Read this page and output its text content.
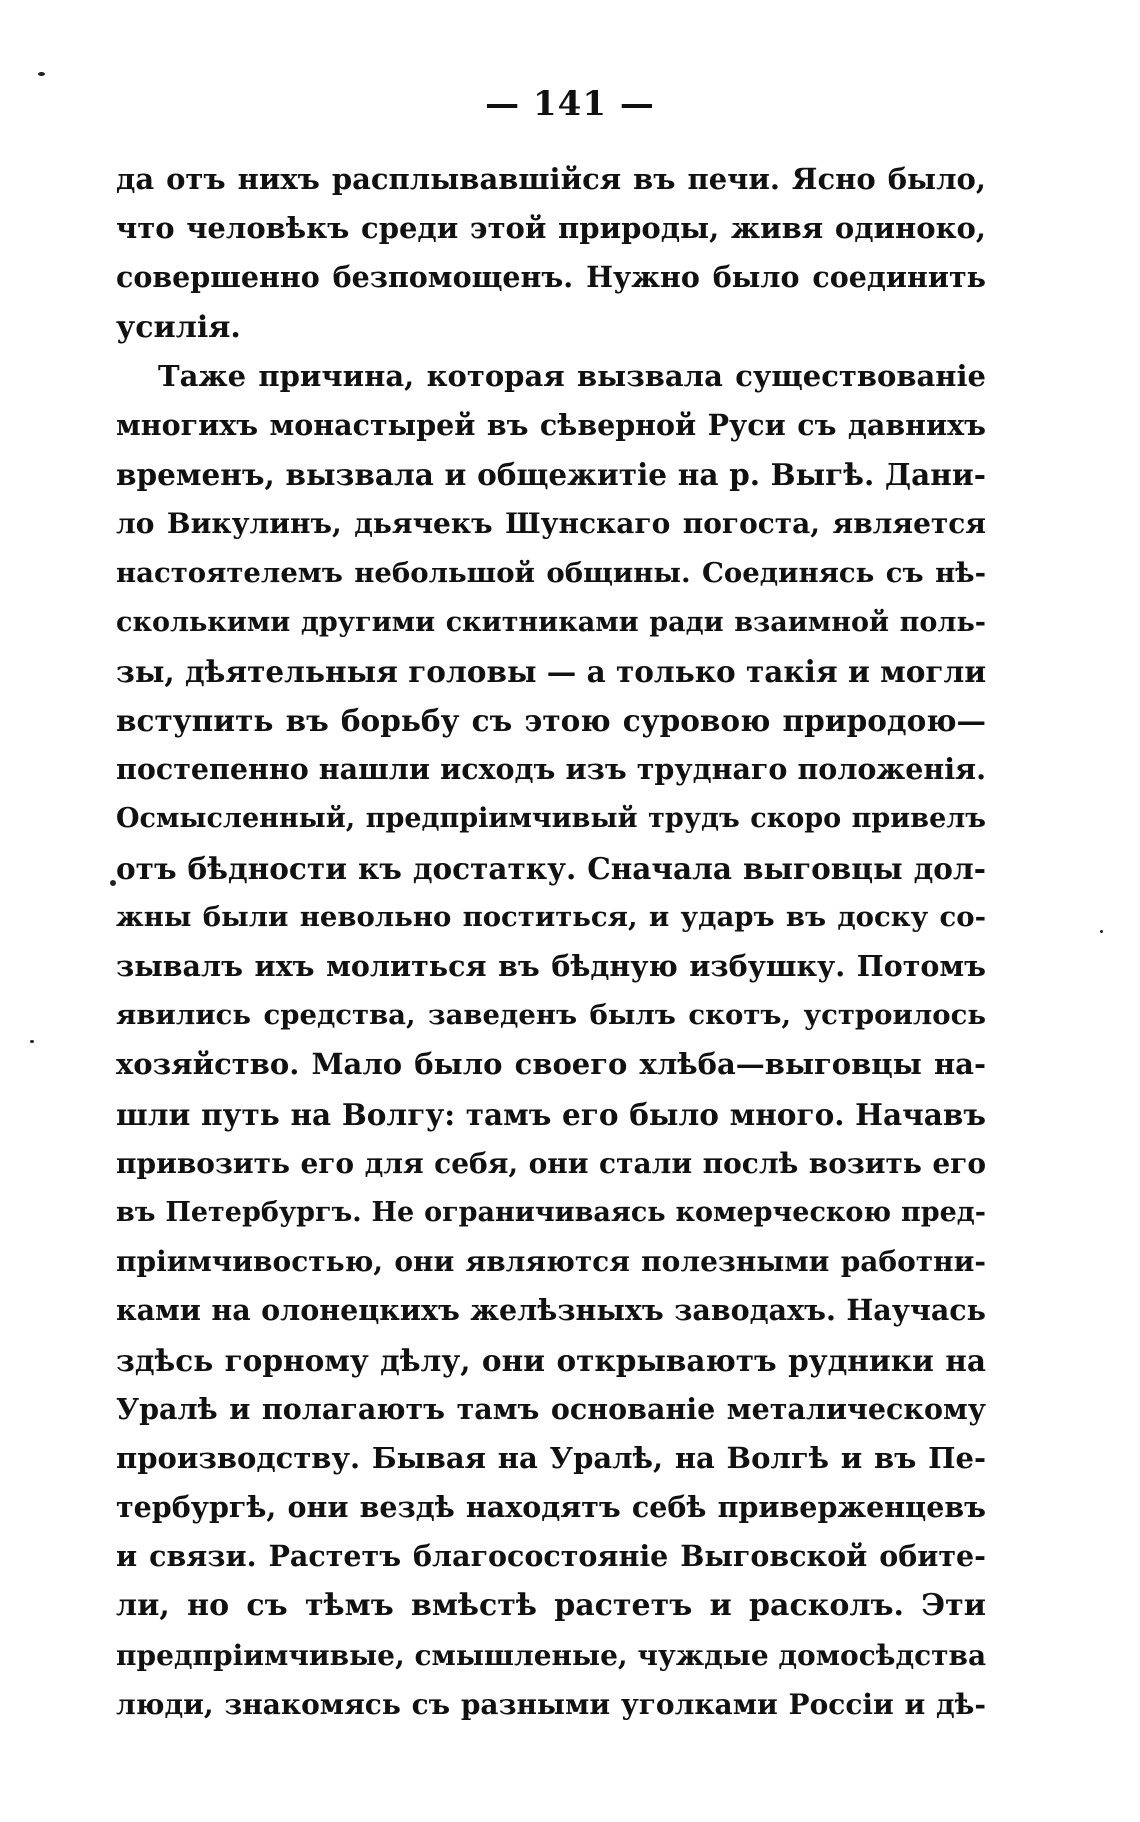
— 141 —
да отъ нихъ расплывавшійся въ печи. Ясно было,
что человѣкъ среди этой природы, живя одиноко,
совершенно безпомощенъ. Нужно было соединить
усилія.
Таже причина, которая вызвала существованіе
многихъ монастырей въ сѣверной Руси съ давнихъ
временъ, вызвала и общежитіе на р. Выгѣ. Дани-
ло Викулинъ, дьячекъ Шунскаго погоста, является
настоятелемъ небольшой общины. Соединясь съ нѣ-
сколькими другими скитниками ради взаимной поль-
зы, дѣятельныя головы — а только такія и могли
вступить въ борьбу съ этою суровою природою—
постепенно нашли исходъ изъ труднаго положенія.
Осмысленный, предпріимчивый трудъ скоро привелъ
отъ бѣдности къ достатку. Сначала выговцы дол-
жны были невольно поститься, и ударъ въ доску со-
зывалъ ихъ молиться въ бѣдную избушку. Потомъ
явились средства, заведенъ былъ скотъ, устроилось
хозяйство. Мало было своего хлѣба—выговцы на-
шли путь на Волгу: тамъ его было много. Начавъ
привозить его для себя, они стали послѣ возить его
въ Петербургъ. Не ограничиваясь комерческою пред-
пріимчивостью, они являются полезными работни-
ками на олонецкихъ желѣзныхъ заводахъ. Научась
здѣсь горному дѣлу, они открываютъ рудники на
Уралѣ и полагаютъ тамъ основаніе металическому
производству. Бывая на Уралѣ, на Волгѣ и въ Пе-
тербургѣ, они вездѣ находятъ себѣ приверженцевъ
и связи. Растетъ благосостояніе Выговской обите-
ли, но съ тѣмъ вмѣстѣ растетъ и расколъ. Эти
предпріимчивые, смышленые, чуждые домосѣдства
люди, знакомясь съ разными уголками Россіи и дѣ-
